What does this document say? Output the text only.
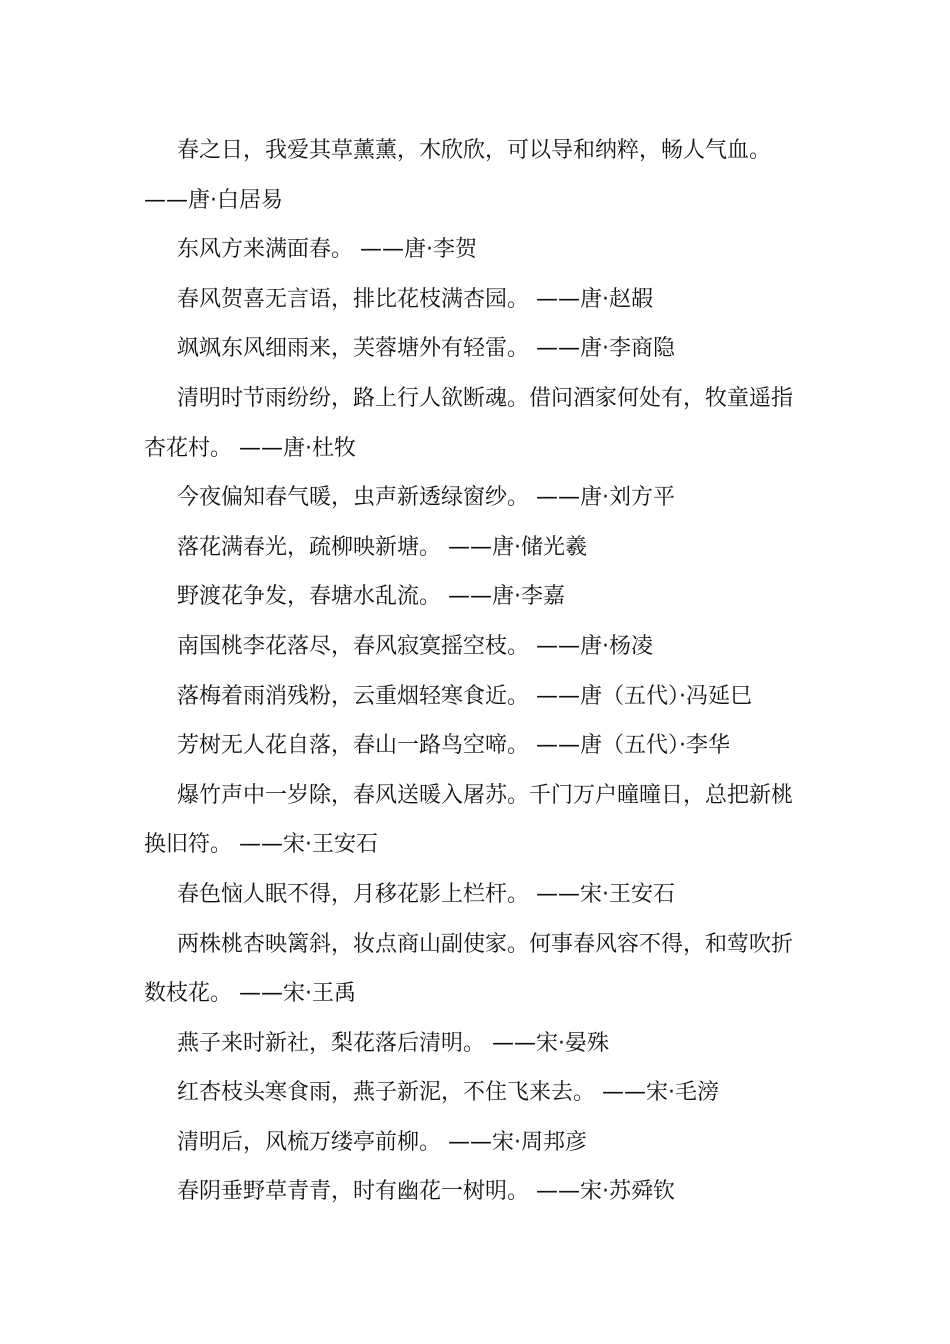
春之日，我爱其草薰薰，木欣欣，可以导和纳粹，畅人气血。——唐·白居易

东风方来满面春。 ——唐·李贺

春风贺喜无言语，排比花枝满杏园。 ——唐·赵嘏

飒飒东风细雨来，芙蓉塘外有轻雷。 ——唐·李商隐

清明时节雨纷纷，路上行人欲断魂。借问酒家何处有，牧童遥指杏花村。 ——唐·杜牧

今夜偏知春气暖，虫声新透绿窗纱。 ——唐·刘方平

落花满春光，疏柳映新塘。 ——唐·储光羲

野渡花争发，春塘水乱流。 ——唐·李嘉

南国桃李花落尽，春风寂寞摇空枝。 ——唐·杨凌

落梅着雨消残粉，云重烟轻寒食近。 ——唐（五代）·冯延巳

芳树无人花自落，春山一路鸟空啼。 ——唐（五代）·李华

爆竹声中一岁除，春风送暖入屠苏。千门万户曈曈日，总把新桃换旧符。 ——宋·王安石

春色恼人眠不得，月移花影上栏杆。 ——宋·王安石

两株桃杏映篱斜，妆点商山副使家。何事春风容不得，和莺吹折数枝花。 ——宋·王禹

燕子来时新社，梨花落后清明。 ——宋·晏殊

红杏枝头寒食雨，燕子新泥，不住飞来去。 ——宋·毛滂

清明后，风梳万缕亭前柳。 ——宋·周邦彦

春阴垂野草青青，时有幽花一树明。 ——宋·苏舜钦
